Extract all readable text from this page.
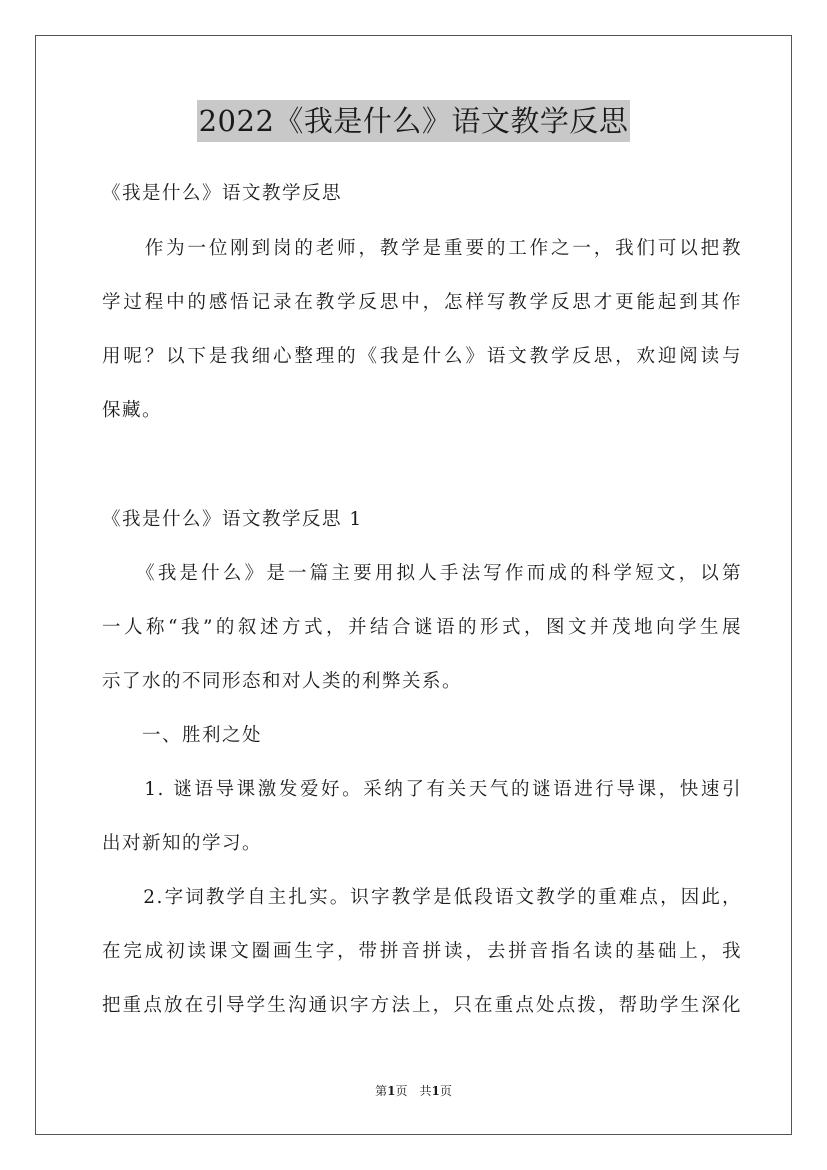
2022《我是什么》语文教学反思
《我是什么》语文教学反思
　　作为一位刚到岗的老师，教学是重要的工作之一，我们可以把教
学过程中的感悟记录在教学反思中，怎样写教学反思才更能起到其作
用呢？以下是我细心整理的《我是什么》语文教学反思，欢迎阅读与
保藏。
《我是什么》语文教学反思 1
　　《我是什么》是一篇主要用拟人手法写作而成的科学短文，以第
一人称“我”的叙述方式，并结合谜语的形式，图文并茂地向学生展
示了水的不同形态和对人类的利弊关系。
　　一、胜利之处
　　1. 谜语导课激发爱好。采纳了有关天气的谜语进行导课，快速引
出对新知的学习。
　　2.字词教学自主扎实。识字教学是低段语文教学的重难点，因此，
在完成初读课文圈画生字，带拼音拼读，去拼音指名读的基础上，我
把重点放在引导学生沟通识字方法上，只在重点处点拨，帮助学生深化
第1页　共1页
